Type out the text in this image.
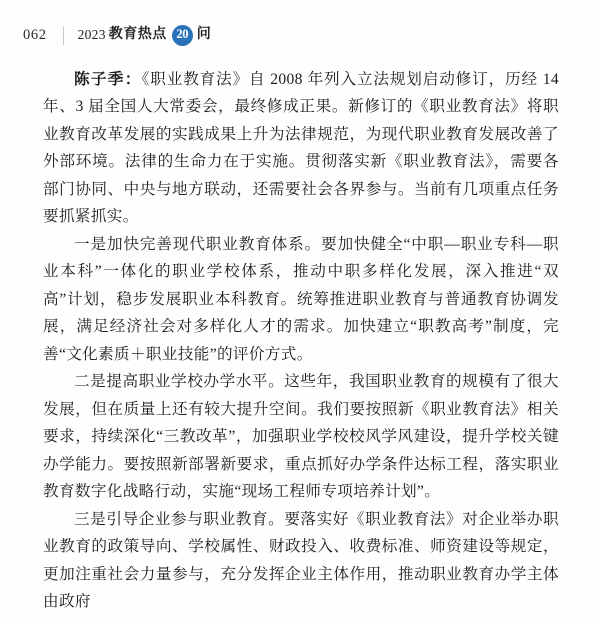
062 2023 教育热点 20 问

陈子季：《职业教育法》自 2008 年列入立法规划启动修订，历经 14 年、3 届全国人大常委会，最终修成正果。新修订的《职业教育法》将职业教育改革发展的实践成果上升为法律规范，为现代职业教育发展改善了外部环境。法律的生命力在于实施。贯彻落实新《职业教育法》，需要各部门协同、中央与地方联动，还需要社会各界参与。当前有几项重点任务要抓紧抓实。

一是加快完善现代职业教育体系。要加快健全“中职—职业专科—职业本科”一体化的职业学校体系，推动中职多样化发展，深入推进“双高”计划，稳步发展职业本科教育。统筹推进职业教育与普通教育协调发展，满足经济社会对多样化人才的需求。加快建立“职教高考”制度，完善“文化素质＋职业技能”的评价方式。

二是提高职业学校办学水平。这些年，我国职业教育的规模有了很大发展，但在质量上还有较大提升空间。我们要按照新《职业教育法》相关要求，持续深化“三教改革”，加强职业学校校风学风建设，提升学校关键办学能力。要按照新部署新要求，重点抓好办学条件达标工程，落实职业教育数字化战略行动，实施“现场工程师专项培养计划”。

三是引导企业参与职业教育。要落实好《职业教育法》对企业举办职业教育的政策导向、学校属性、财政投入、收费标准、师资建设等规定，更加注重社会力量参与，充分发挥企业主体作用，推动职业教育办学主体由政府
